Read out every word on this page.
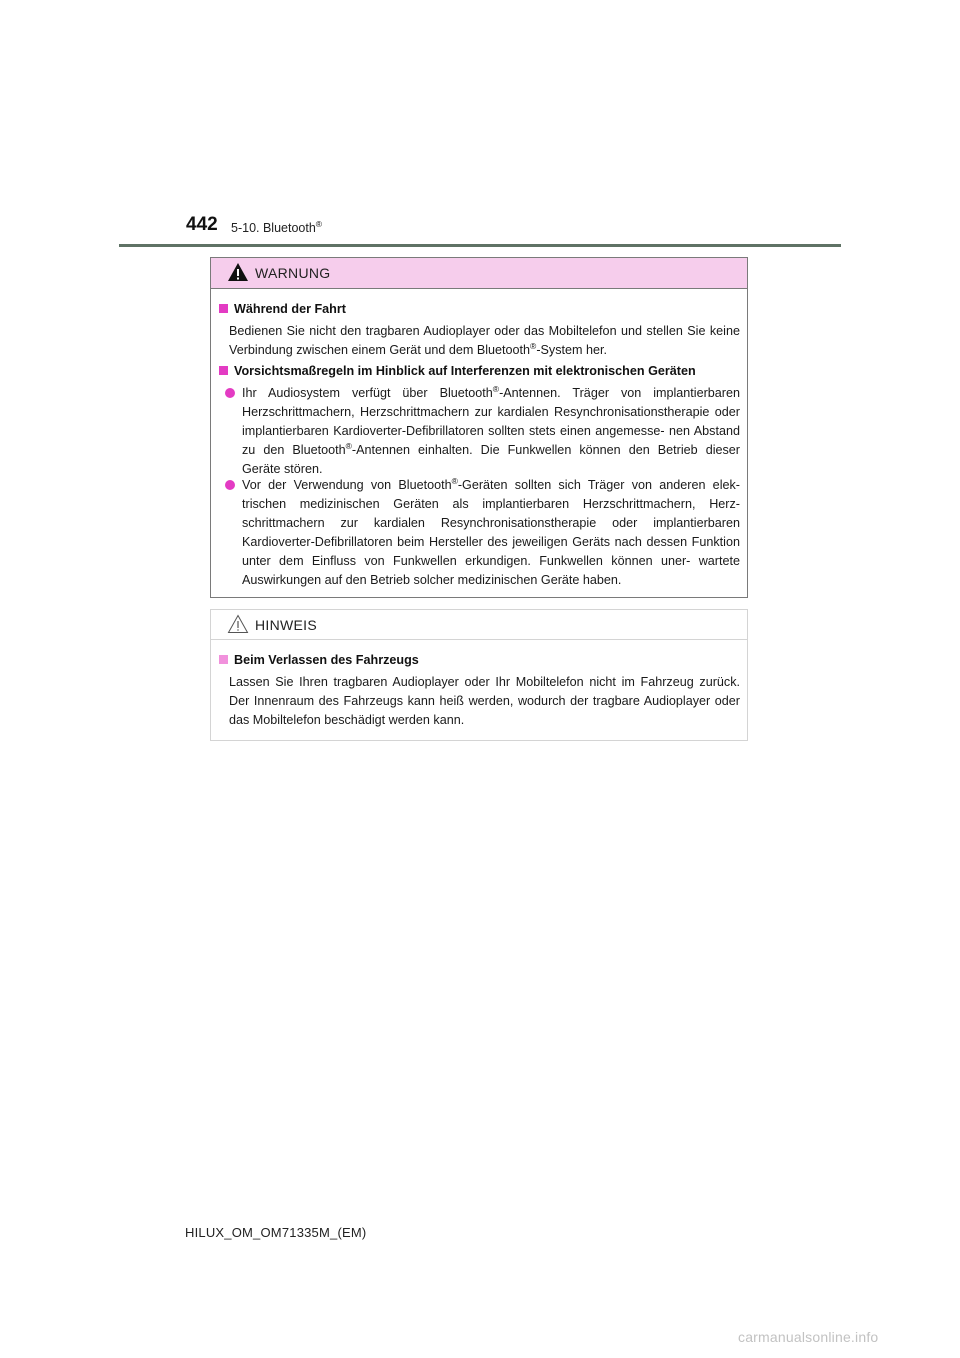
442 5-10. Bluetooth®
WARNUNG
Während der Fahrt
Bedienen Sie nicht den tragbaren Audioplayer oder das Mobiltelefon und stellen Sie keine Verbindung zwischen einem Gerät und dem Bluetooth®-System her.
Vorsichtsmaßregeln im Hinblick auf Interferenzen mit elektronischen Geräten
Ihr Audiosystem verfügt über Bluetooth®-Antennen. Träger von implantierbaren Herzschrittmachern, Herzschrittmachern zur kardialen Resynchronisationstherapie oder implantierbaren Kardioverter-Defibrillatoren sollten stets einen angemesse- nen Abstand zu den Bluetooth®-Antennen einhalten. Die Funkwellen können den Betrieb dieser Geräte stören.
Vor der Verwendung von Bluetooth®-Geräten sollten sich Träger von anderen elek- trischen medizinischen Geräten als implantierbaren Herzschrittmachern, Herz- schrittmachern zur kardialen Resynchronisationstherapie oder implantierbaren Kardioverter-Defibrillatoren beim Hersteller des jeweiligen Geräts nach dessen Funktion unter dem Einfluss von Funkwellen erkundigen. Funkwellen können uner- wartete Auswirkungen auf den Betrieb solcher medizinischen Geräte haben.
HINWEIS
Beim Verlassen des Fahrzeugs
Lassen Sie Ihren tragbaren Audioplayer oder Ihr Mobiltelefon nicht im Fahrzeug zurück. Der Innenraum des Fahrzeugs kann heiß werden, wodurch der tragbare Audioplayer oder das Mobiltelefon beschädigt werden kann.
HILUX_OM_OM71335M_(EM)
carmanualsonline.info
